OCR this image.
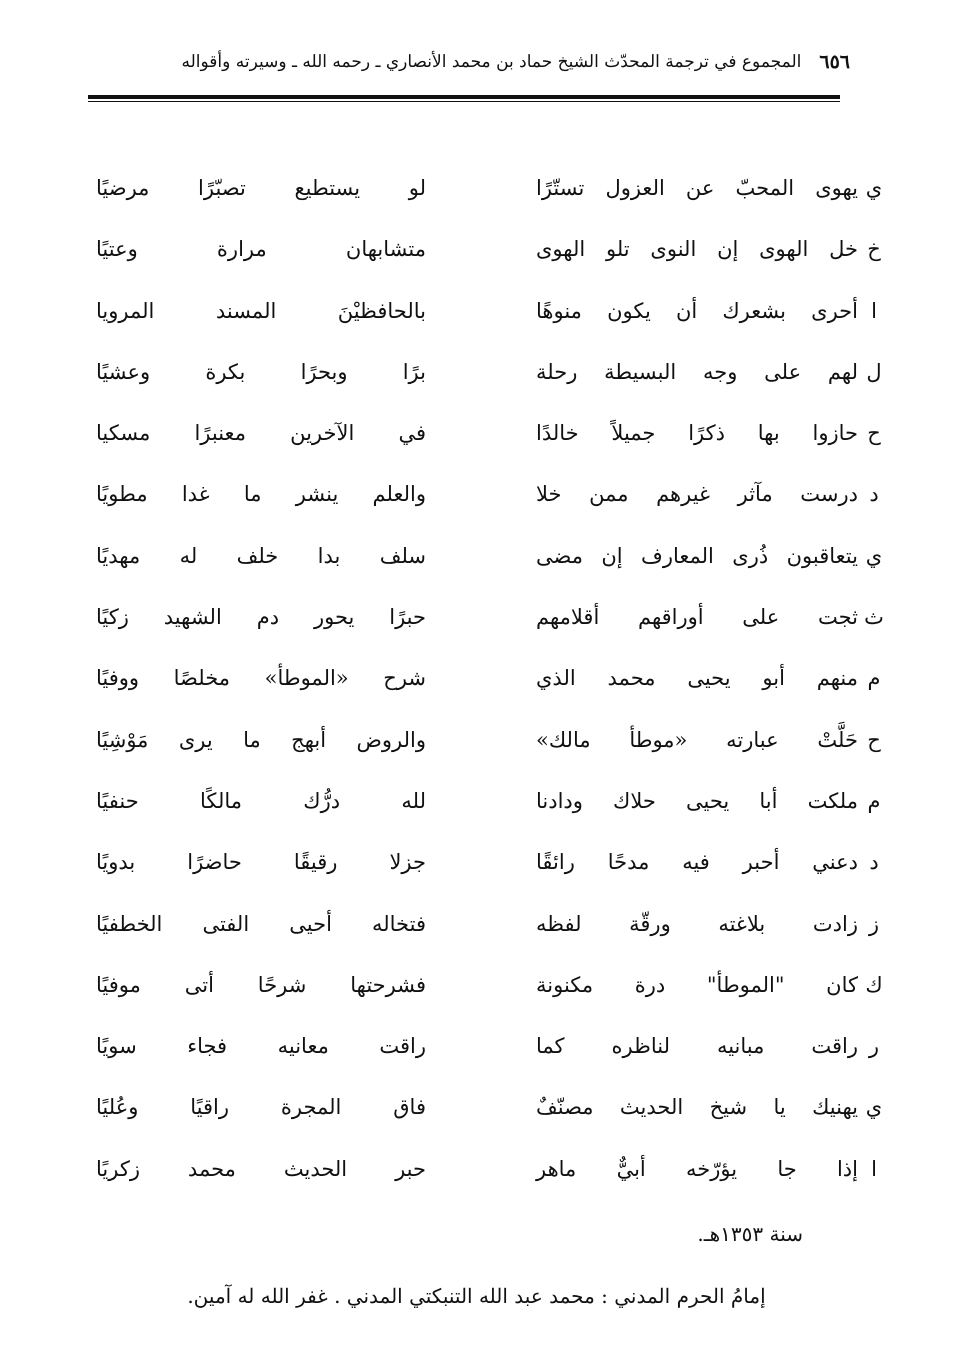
٦٥٦
المجموع في ترجمة المحدّث الشيخ حماد بن محمد الأنصاري ـ رحمه الله ـ وسيرته وأقواله
ي
يهوى المحبّ عن العزول تستّرًا
لو يستطيع تصبّرًا مرضيًا
خ
خل الهوى إن النوى تلو الهوى
متشابهان مرارة وعتيًا
ا
أحرى بشعرك أن يكون منوهًا
بالحافظيْنَ المسند المرويا
ل
لهم على وجه البسيطة رحلة
برًا وبحرًا بكرة وعشيًا
ح
حازوا بها ذكرًا جميلاً خالدًا
في الآخرين معنبرًا مسكيا
د
درست مآثر غيرهم ممن خلا
والعلم ينشر ما غدا مطويًا
ي
يتعاقبون ذُرى المعارف إن مضى
سلف بدا خلف له مهديًا
ث
ثجت على أوراقهم أقلامهم
حبرًا يحور دم الشهيد زكيًا
م
منهم أبو يحيى محمد الذي
شرح «الموطأ» مخلصًا ووفيًا
ح
حَلَّتْ عبارته «موطأ مالك»
والروض أبهج ما يرى مَوْشِيًا
م
ملكت أبا يحيى حلاك ودادنا
لله درُّك مالكًا حنفيًا
د
دعني أحبر فيه مدحًا رائقًا
جزلا رقيقًا حاضرًا بدويًا
ز
زادت بلاغته ورقّة لفظه
فتخاله أحيى الفتى الخطفيًا
ك
كان "الموطأ" درة مكنونة
فشرحتها شرحًا أتى موفيًا
ر
راقت مبانيه لناظره كما
راقت معانيه فجاء سويًا
ي
يهنيك يا شيخ الحديث مصنّفٌ
فاق المجرة راقيًا وعُليًا
ا
إذا جا يؤرّخه أبيٌّ ماهر
حبر الحديث محمد زكريًا
سنة ١٣٥٣هـ.
إمامُ الحرم المدني : محمد عبد الله التنبكتي المدني . غفر الله له آمين.
